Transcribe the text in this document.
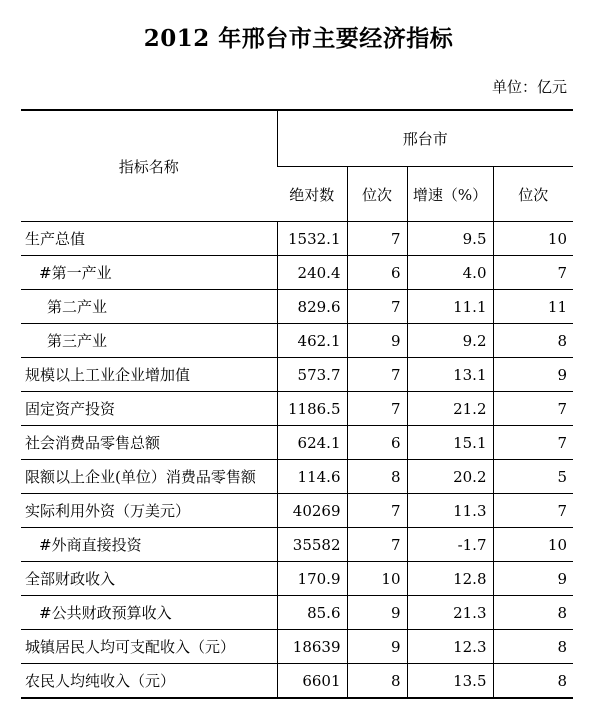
2012 年邢台市主要经济指标
单位：亿元
指标名称	邢台市			
	绝对数	位次	增速（%）	位次
生产总值	1532.1	7	9.5	10
#第一产业	240.4	6	4.0	7
第二产业	829.6	7	11.1	11
第三产业	462.1	9	9.2	8
规模以上工业企业增加值	573.7	7	13.1	9
固定资产投资	1186.5	7	21.2	7
社会消费品零售总额	624.1	6	15.1	7
限额以上企业(单位）消费品零售额	114.6	8	20.2	5
实际利用外资（万美元）	40269	7	11.3	7
#外商直接投资	35582	7	-1.7	10
全部财政收入	170.9	10	12.8	9
#公共财政预算收入	85.6	9	21.3	8
城镇居民人均可支配收入（元）	18639	9	12.3	8
农民人均纯收入（元）	6601	8	13.5	8
